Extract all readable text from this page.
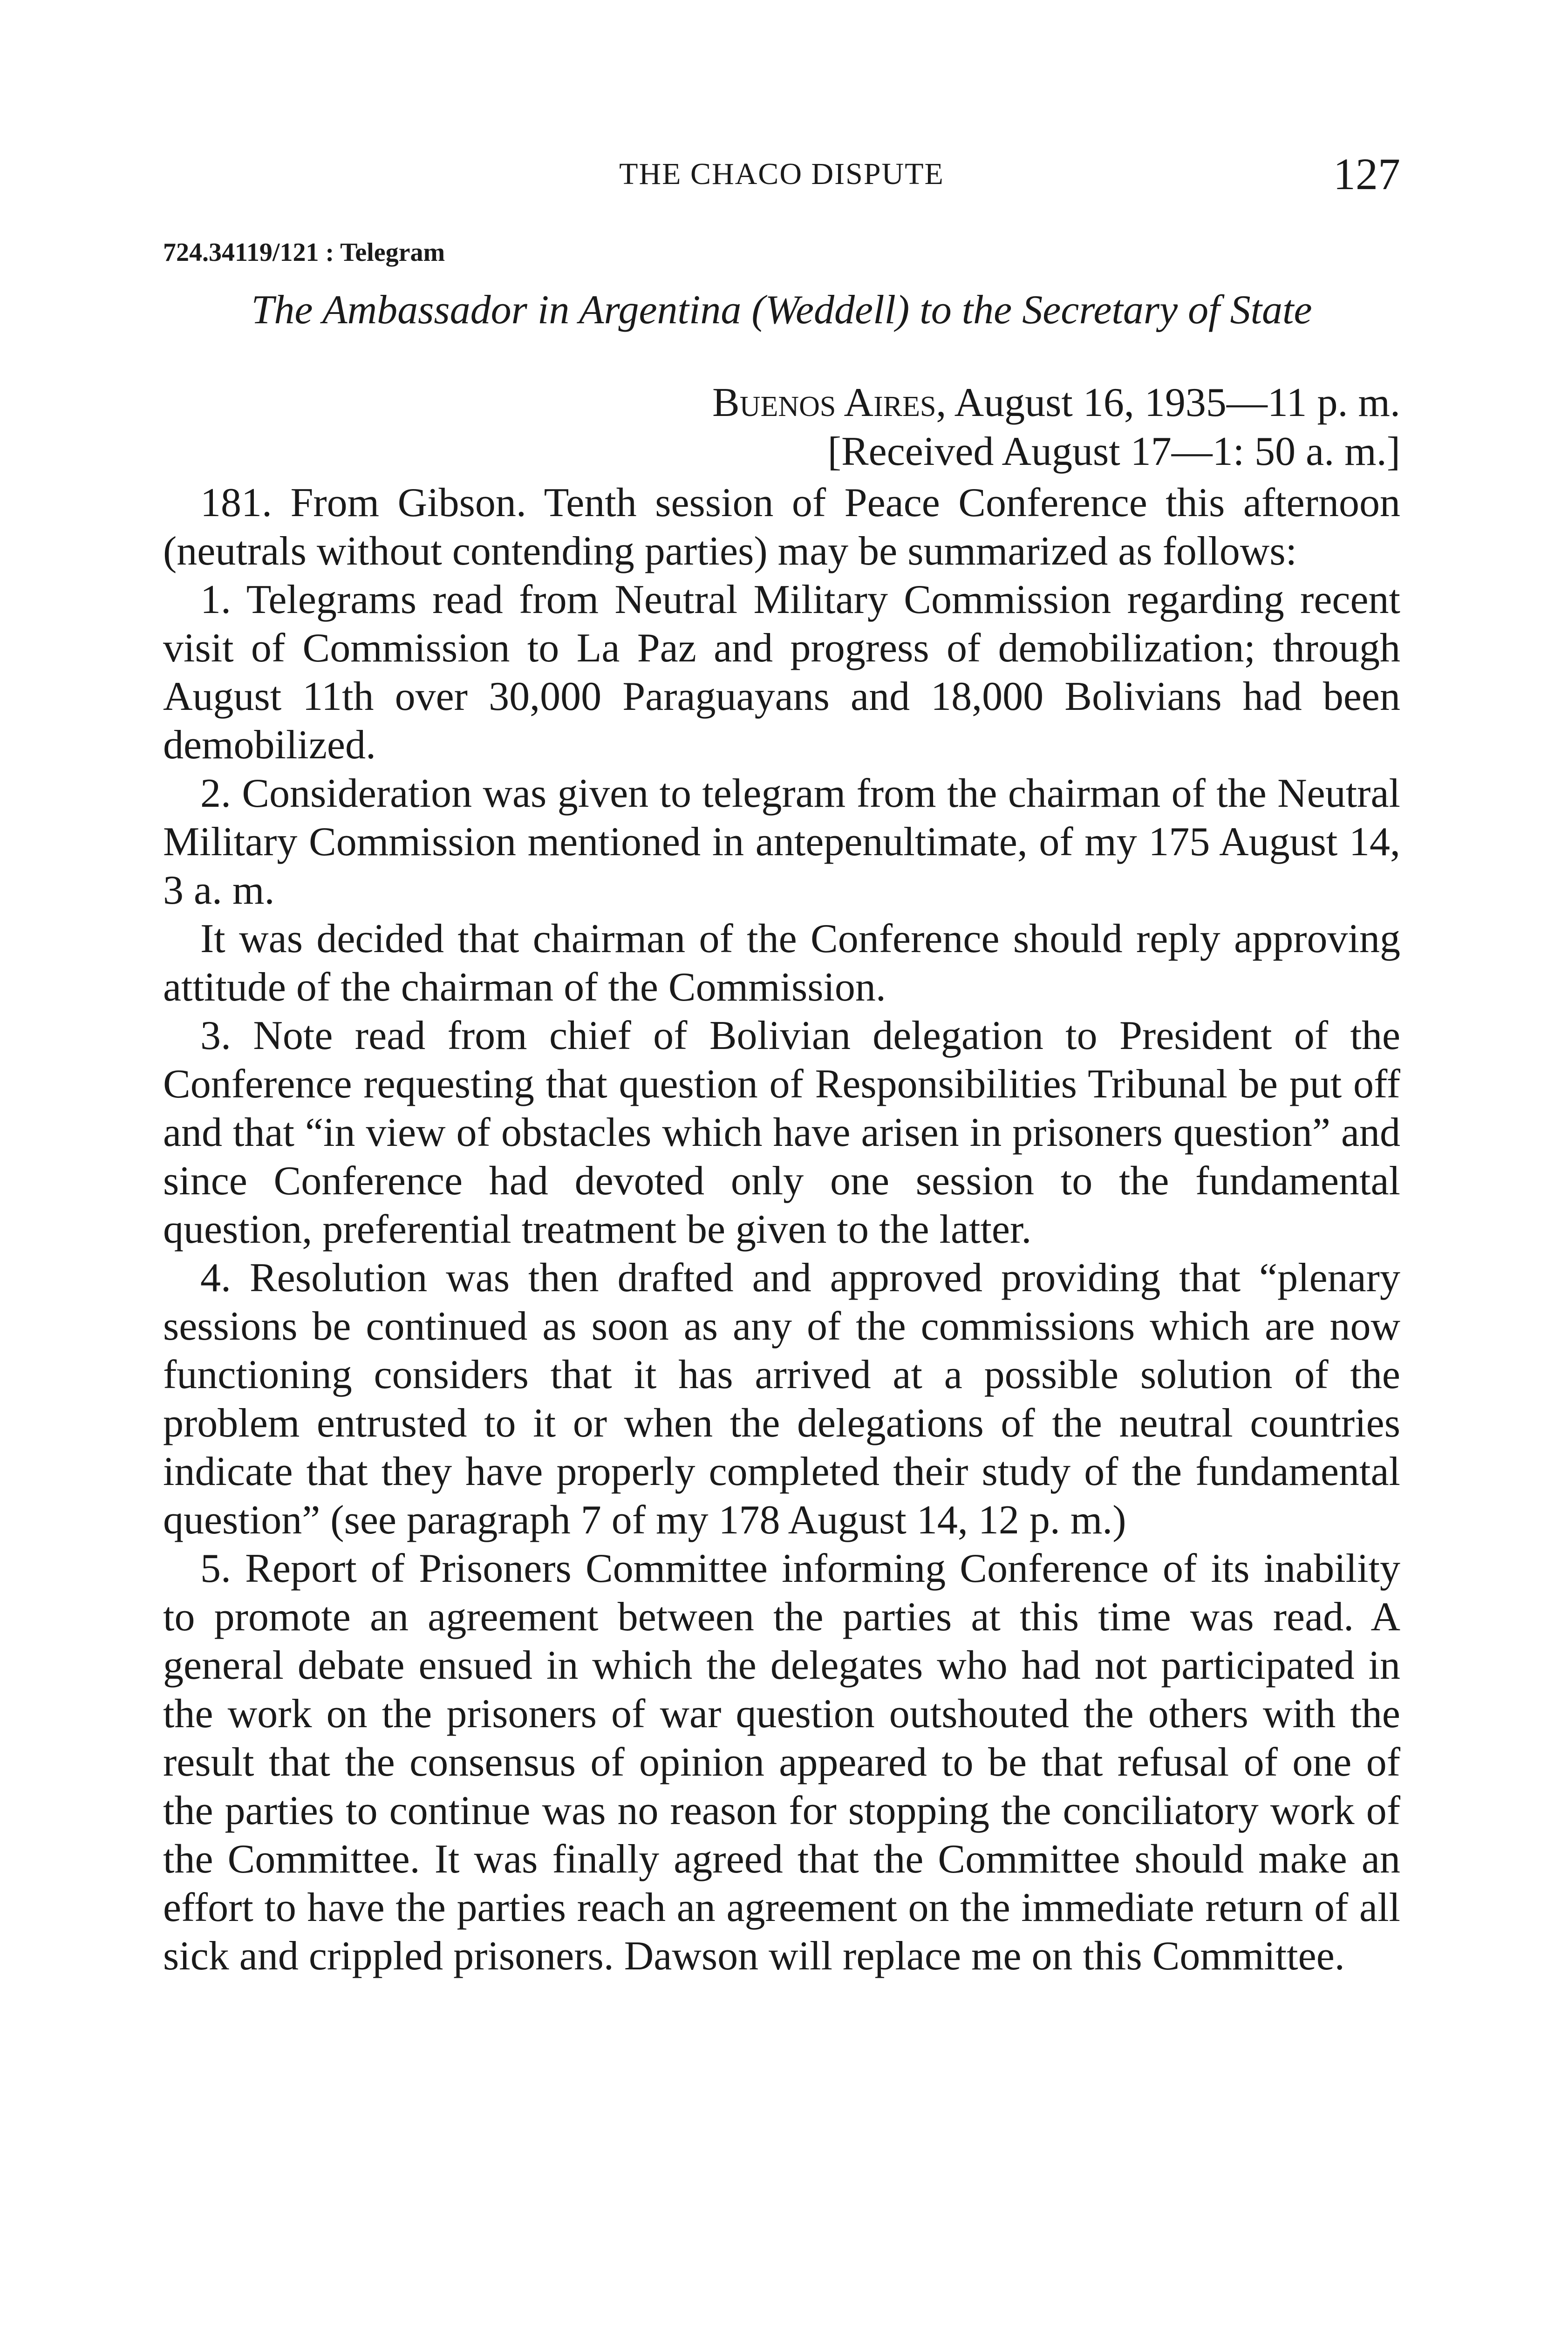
THE CHACO DISPUTE	127
724.34119/121 : Telegram
The Ambassador in Argentina (Weddell) to the Secretary of State
Buenos Aires, August 16, 1935—11 p. m.
[Received August 17—1: 50 a. m.]

181. From Gibson. Tenth session of Peace Conference this afternoon (neutrals without contending parties) may be summarized as follows:

1. Telegrams read from Neutral Military Commission regarding recent visit of Commission to La Paz and progress of demobilization; through August 11th over 30,000 Paraguayans and 18,000 Bolivians had been demobilized.

2. Consideration was given to telegram from the chairman of the Neutral Military Commission mentioned in antepenultimate, of my 175 August 14, 3 a. m.

It was decided that chairman of the Conference should reply approving attitude of the chairman of the Commission.

3. Note read from chief of Bolivian delegation to President of the Conference requesting that question of Responsibilities Tribunal be put off and that “in view of obstacles which have arisen in prisoners question” and since Conference had devoted only one session to the fundamental question, preferential treatment be given to the latter.

4. Resolution was then drafted and approved providing that “plenary sessions be continued as soon as any of the commissions which are now functioning considers that it has arrived at a possible solution of the problem entrusted to it or when the delegations of the neutral countries indicate that they have properly completed their study of the fundamental question” (see paragraph 7 of my 178 August 14, 12 p. m.)

5. Report of Prisoners Committee informing Conference of its inability to promote an agreement between the parties at this time was read. A general debate ensued in which the delegates who had not participated in the work on the prisoners of war question outshouted the others with the result that the consensus of opinion appeared to be that refusal of one of the parties to continue was no reason for stopping the conciliatory work of the Committee. It was finally agreed that the Committee should make an effort to have the parties reach an agreement on the immediate return of all sick and crippled prisoners. Dawson will replace me on this Committee.
